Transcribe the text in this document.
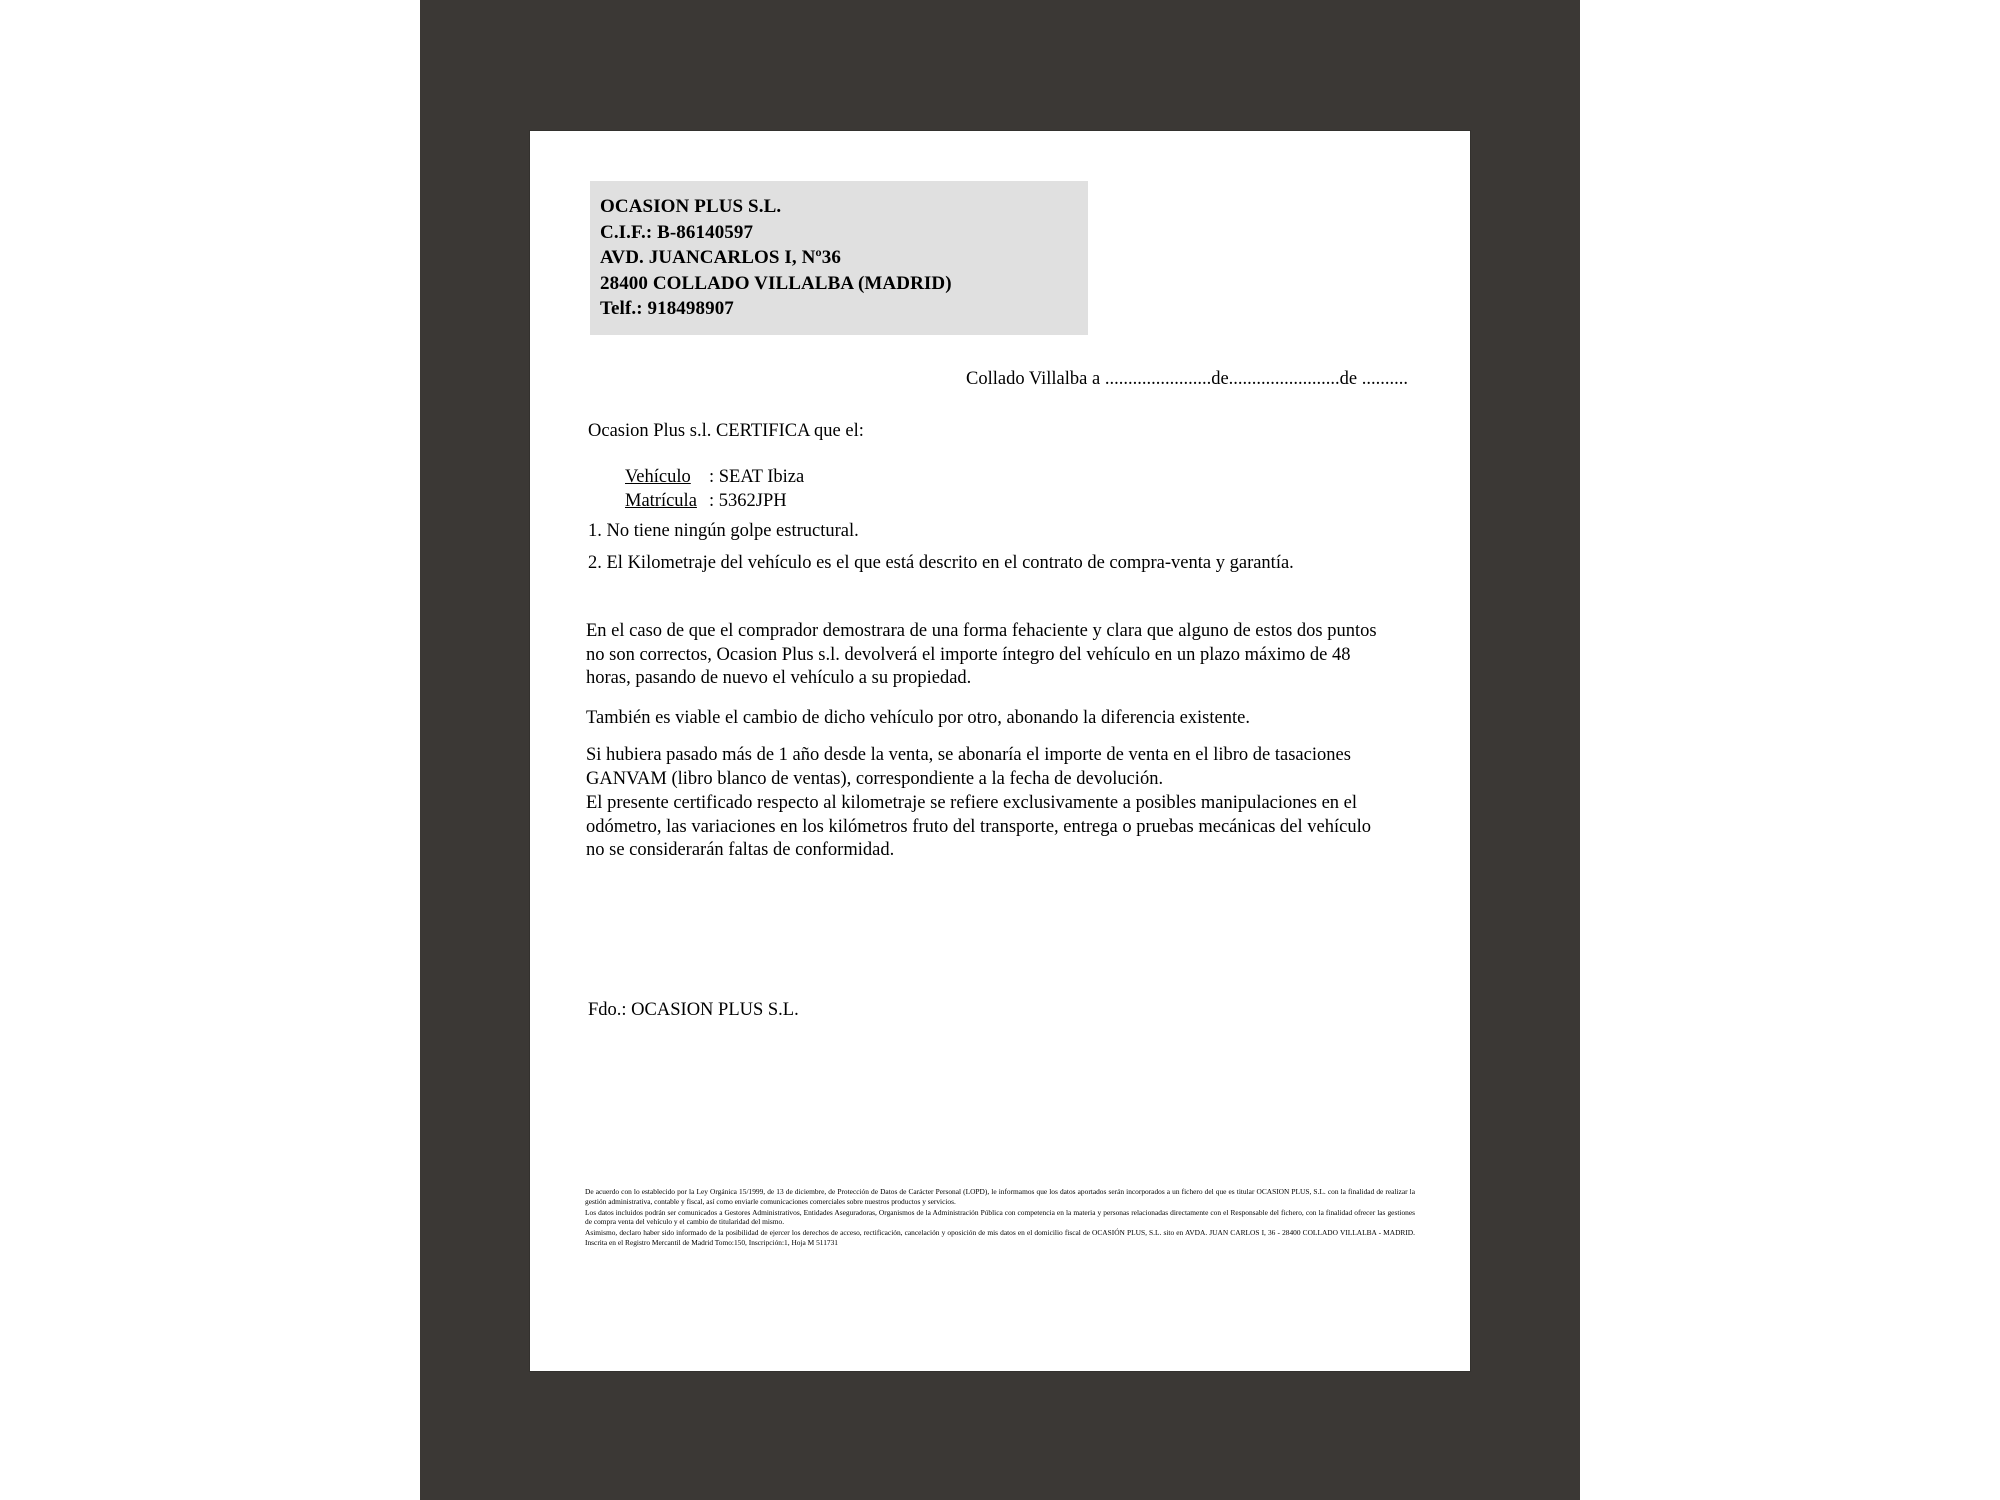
OCASION PLUS S.L.
C.I.F.: B-86140597
AVD. JUANCARLOS I, Nº36
28400 COLLADO VILLALBA (MADRID)
Telf.: 918498907
Collado Villalba a .......................de........................de ..........
Ocasion Plus s.l. CERTIFICA que el:

Vehículo : SEAT Ibiza

Matrícula : 5362JPH

1. No tiene ningún golpe estructural.
2. El Kilometraje del vehículo es el que está descrito en el contrato de compra-venta y garantía.
En el caso de que el comprador demostrara de una forma fehaciente y clara que alguno de estos dos puntos no son correctos, Ocasion Plus s.l. devolverá el importe íntegro del vehículo en un plazo máximo de 48 horas, pasando de nuevo el vehículo a su propiedad.
También es viable el cambio de dicho vehículo por otro, abonando la diferencia existente.
Si hubiera pasado más de 1 año desde la venta, se abonaría el importe de venta en el libro de tasaciones GANVAM (libro blanco de ventas), correspondiente a la fecha de devolución.
El presente certificado respecto al kilometraje se refiere exclusivamente a posibles manipulaciones en el odómetro, las variaciones en los kilómetros fruto del transporte, entrega o pruebas mecánicas del vehículo no se considerarán faltas de conformidad.
Fdo.: OCASION PLUS S.L.

De acuerdo con lo establecido por la Ley Orgánica 15/1999, de 13 de diciembre, de Protección de Datos de Carácter Personal (LOPD), le informamos que los datos aportados serán incorporados a un fichero del que es titular OCASION PLUS, S.L. con la finalidad de realizar la gestión administrativa, contable y fiscal, así como enviarle comunicaciones comerciales sobre nuestros productos y servicios.

Los datos incluidos podrán ser comunicados a Gestores Administrativos, Entidades Aseguradoras, Organismos de la Administración Pública con competencia en la materia y personas relacionadas directamente con el Responsable del fichero, con la finalidad ofrecer las gestiones de compra venta del vehículo y el cambio de titularidad del mismo.

Asimismo, declaro haber sido informado de la posibilidad de ejercer los derechos de acceso, rectificación, cancelación y oposición de mis datos en el domicilio fiscal de OCASIÓN PLUS, S.L. sito en AVDA. JUAN CARLOS I, 36 - 28400 COLLADO VILLALBA - MADRID. Inscrita en el Registro Mercantil de Madrid Tomo:150, Inscripción:1, Hoja M 511731
